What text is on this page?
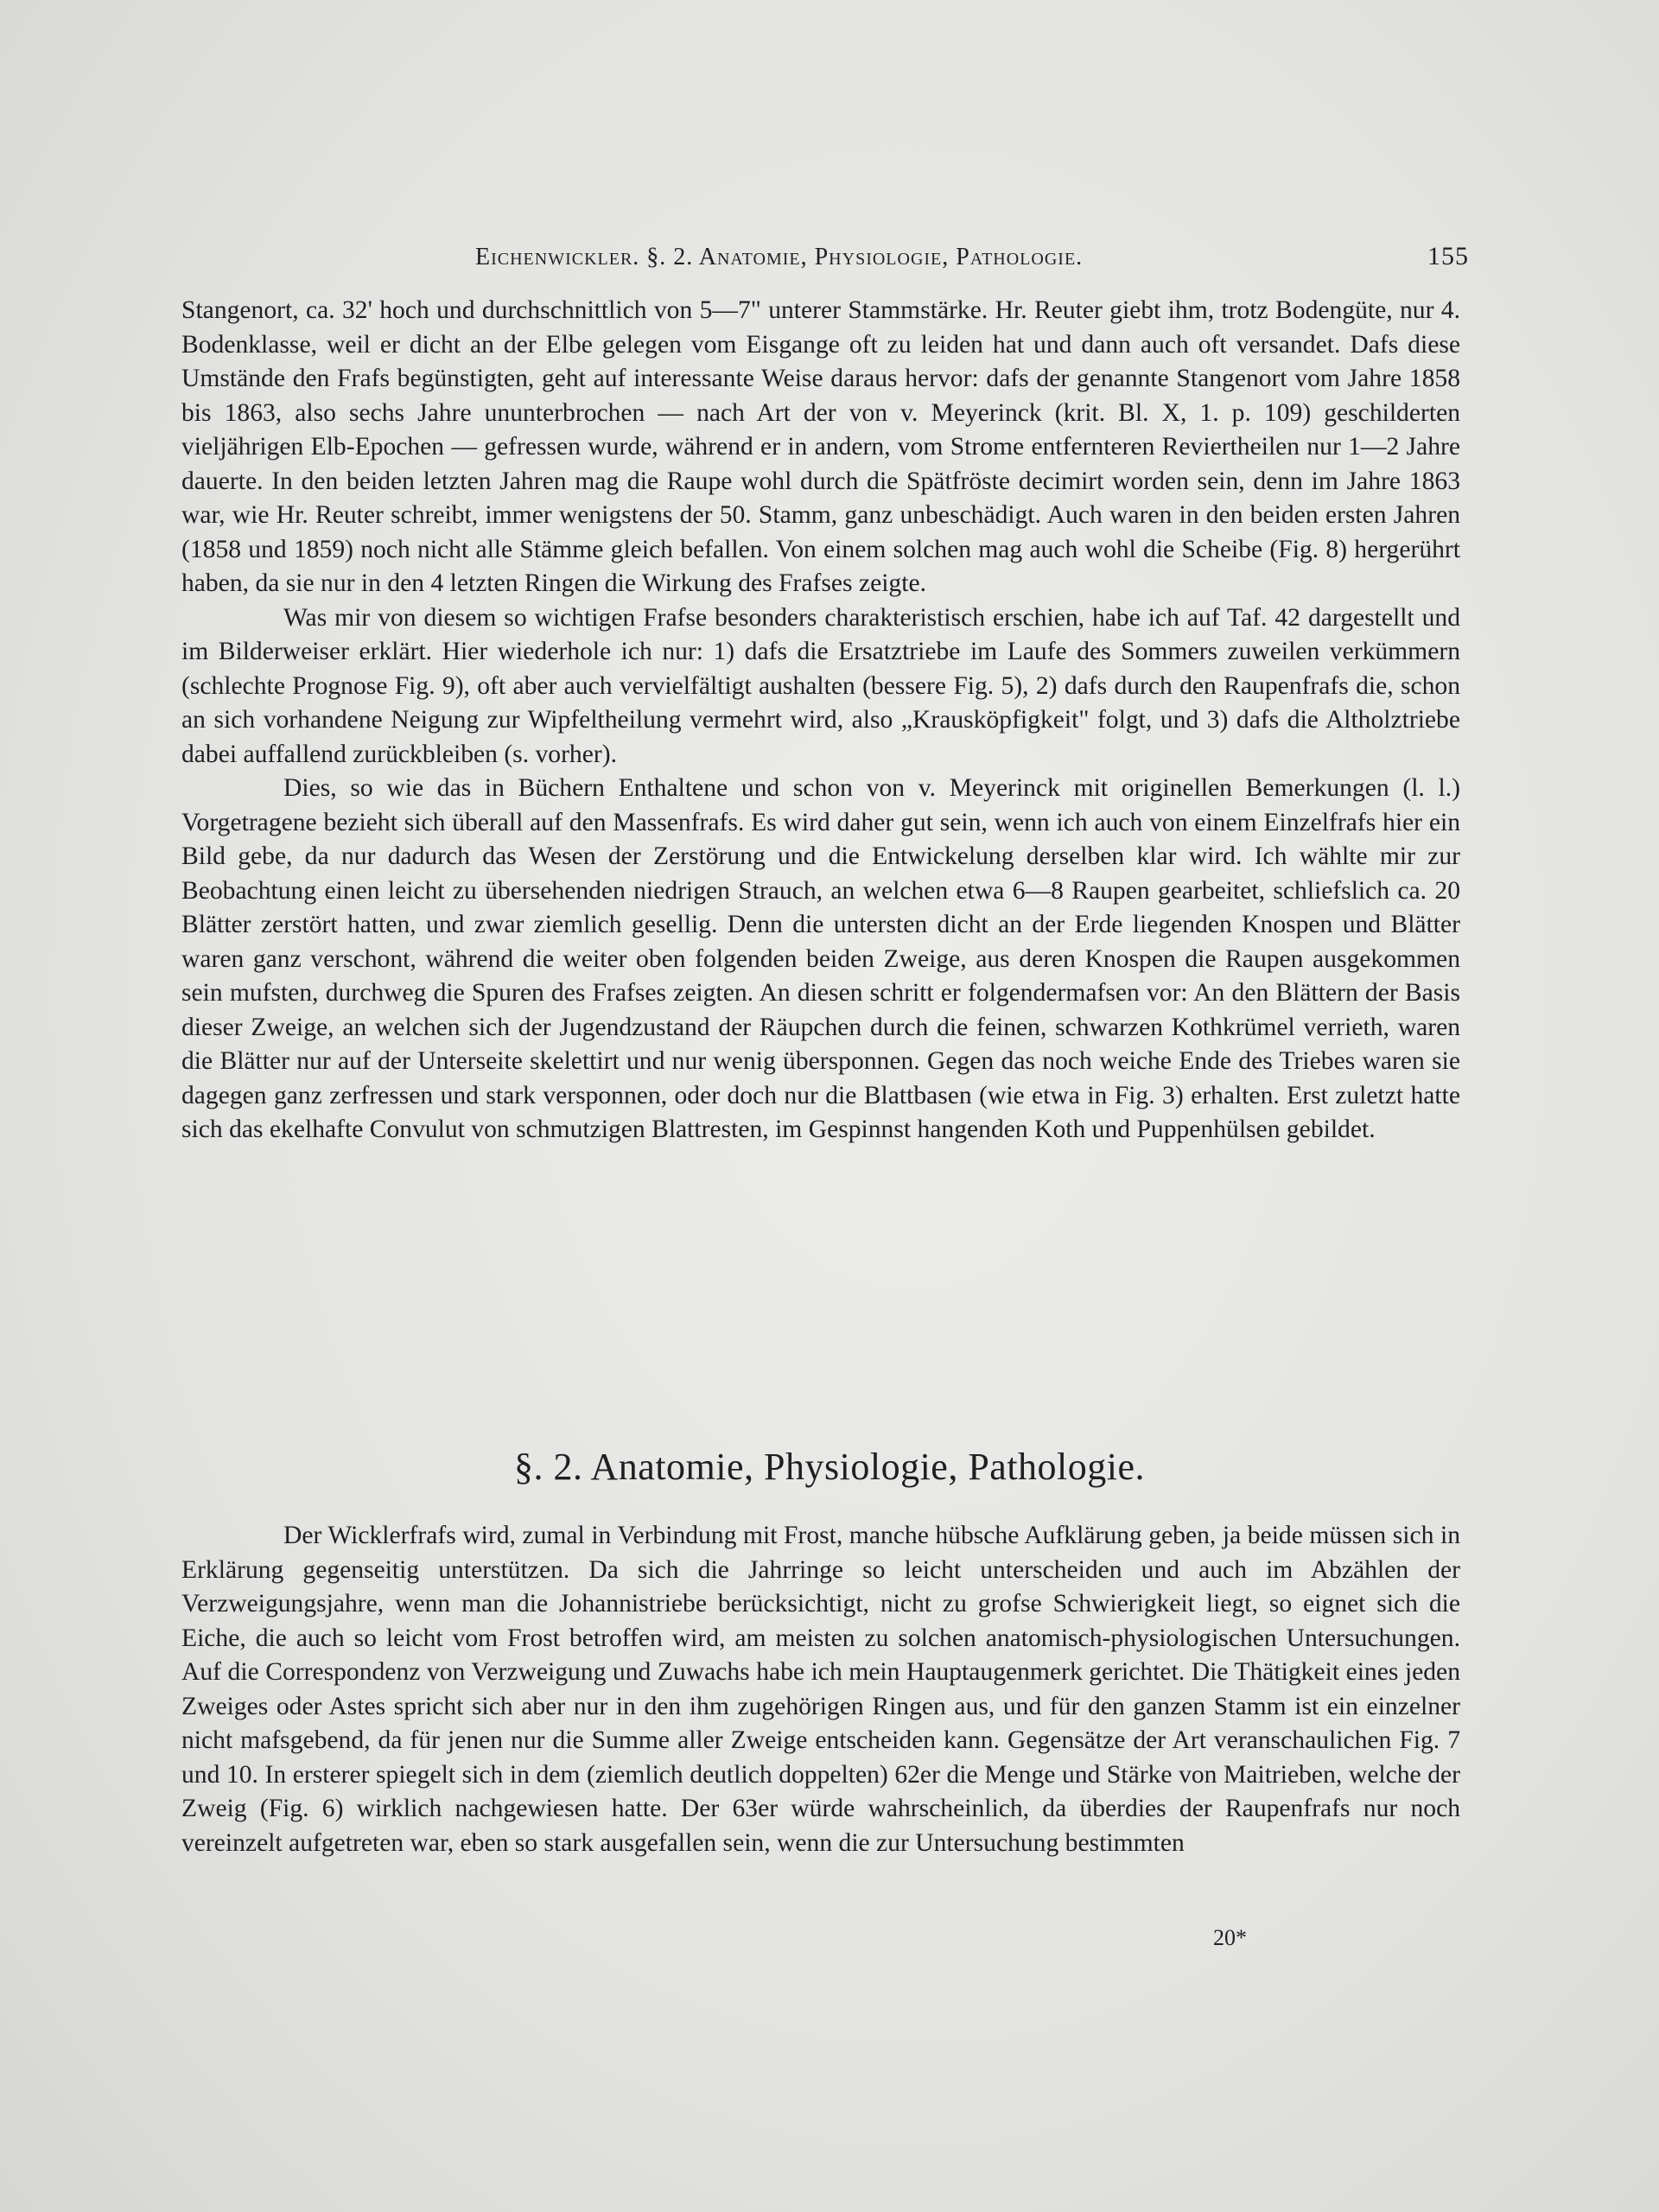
Eichenwickler. §. 2. Anatomie, Physiologie, Pathologie.	155

Stangenort, ca. 32' hoch und durchschnittlich von 5—7" unterer Stammstärke. Hr. Reuter giebt ihm, trotz Bodengüte, nur 4. Bodenklasse, weil er dicht an der Elbe gelegen vom Eisgange oft zu leiden hat und dann auch oft versandet. Dafs diese Umstände den Frafs begünstigten, geht auf interessante Weise daraus hervor: dafs der genannte Stangenort vom Jahre 1858 bis 1863, also sechs Jahre ununterbrochen — nach Art der von v. Meyerinck (krit. Bl. X, 1. p. 109) geschilderten vieljährigen Elb-Epochen — gefressen wurde, während er in andern, vom Strome entfernteren Reviertheilen nur 1—2 Jahre dauerte. In den beiden letzten Jahren mag die Raupe wohl durch die Spätfröste decimirt worden sein, denn im Jahre 1863 war, wie Hr. Reuter schreibt, immer wenigstens der 50. Stamm, ganz unbeschädigt. Auch waren in den beiden ersten Jahren (1858 und 1859) noch nicht alle Stämme gleich befallen. Von einem solchen mag auch wohl die Scheibe (Fig. 8) hergerührt haben, da sie nur in den 4 letzten Ringen die Wirkung des Frafses zeigte.

Was mir von diesem so wichtigen Frafse besonders charakteristisch erschien, habe ich auf Taf. 42 dargestellt und im Bilderweiser erklärt. Hier wiederhole ich nur: 1) dafs die Ersatztriebe im Laufe des Sommers zuweilen verkümmern (schlechte Prognose Fig. 9), oft aber auch vervielfältigt aushalten (bessere Fig. 5), 2) dafs durch den Raupenfrafs die, schon an sich vorhandene Neigung zur Wipfeltheilung vermehrt wird, also „Krausköpfigkeit" folgt, und 3) dafs die Altholztriebe dabei auffallend zurückbleiben (s. vorher).

Dies, so wie das in Büchern Enthaltene und schon von v. Meyerinck mit originellen Bemerkungen (l. l.) Vorgetragene bezieht sich überall auf den Massenfrafs. Es wird daher gut sein, wenn ich auch von einem Einzelfrafs hier ein Bild gebe, da nur dadurch das Wesen der Zerstörung und die Entwickelung derselben klar wird. Ich wählte mir zur Beobachtung einen leicht zu übersehenden niedrigen Strauch, an welchen etwa 6—8 Raupen gearbeitet, schliefslich ca. 20 Blätter zerstört hatten, und zwar ziemlich gesellig. Denn die untersten dicht an der Erde liegenden Knospen und Blätter waren ganz verschont, während die weiter oben folgenden beiden Zweige, aus deren Knospen die Raupen ausgekommen sein mufsten, durchweg die Spuren des Frafses zeigten. An diesen schritt er folgendermafsen vor: An den Blättern der Basis dieser Zweige, an welchen sich der Jugendzustand der Räupchen durch die feinen, schwarzen Kothkrümel verrieth, waren die Blätter nur auf der Unterseite skelettirt und nur wenig übersponnen. Gegen das noch weiche Ende des Triebes waren sie dagegen ganz zerfressen und stark versponnen, oder doch nur die Blattbasen (wie etwa in Fig. 3) erhalten. Erst zuletzt hatte sich das ekelhafte Convulut von schmutzigen Blattresten, im Gespinnst hangenden Koth und Puppenhülsen gebildet.

§. 2. Anatomie, Physiologie, Pathologie.

Der Wicklerfrafs wird, zumal in Verbindung mit Frost, manche hübsche Aufklärung geben, ja beide müssen sich in Erklärung gegenseitig unterstützen. Da sich die Jahrringe so leicht unterscheiden und auch im Abzählen der Verzweigungsjahre, wenn man die Johannistriebe berücksichtigt, nicht zu grofse Schwierigkeit liegt, so eignet sich die Eiche, die auch so leicht vom Frost betroffen wird, am meisten zu solchen anatomisch-physiologischen Untersuchungen. Auf die Correspondenz von Verzweigung und Zuwachs habe ich mein Hauptaugenmerk gerichtet. Die Thätigkeit eines jeden Zweiges oder Astes spricht sich aber nur in den ihm zugehörigen Ringen aus, und für den ganzen Stamm ist ein einzelner nicht mafsgebend, da für jenen nur die Summe aller Zweige entscheiden kann. Gegensätze der Art veranschaulichen Fig. 7 und 10. In ersterer spiegelt sich in dem (ziemlich deutlich doppelten) 62er die Menge und Stärke von Maitrieben, welche der Zweig (Fig. 6) wirklich nachgewiesen hatte. Der 63er würde wahrscheinlich, da überdies der Raupenfrafs nur noch vereinzelt aufgetreten war, eben so stark ausgefallen sein, wenn die zur Untersuchung bestimmten

20*
